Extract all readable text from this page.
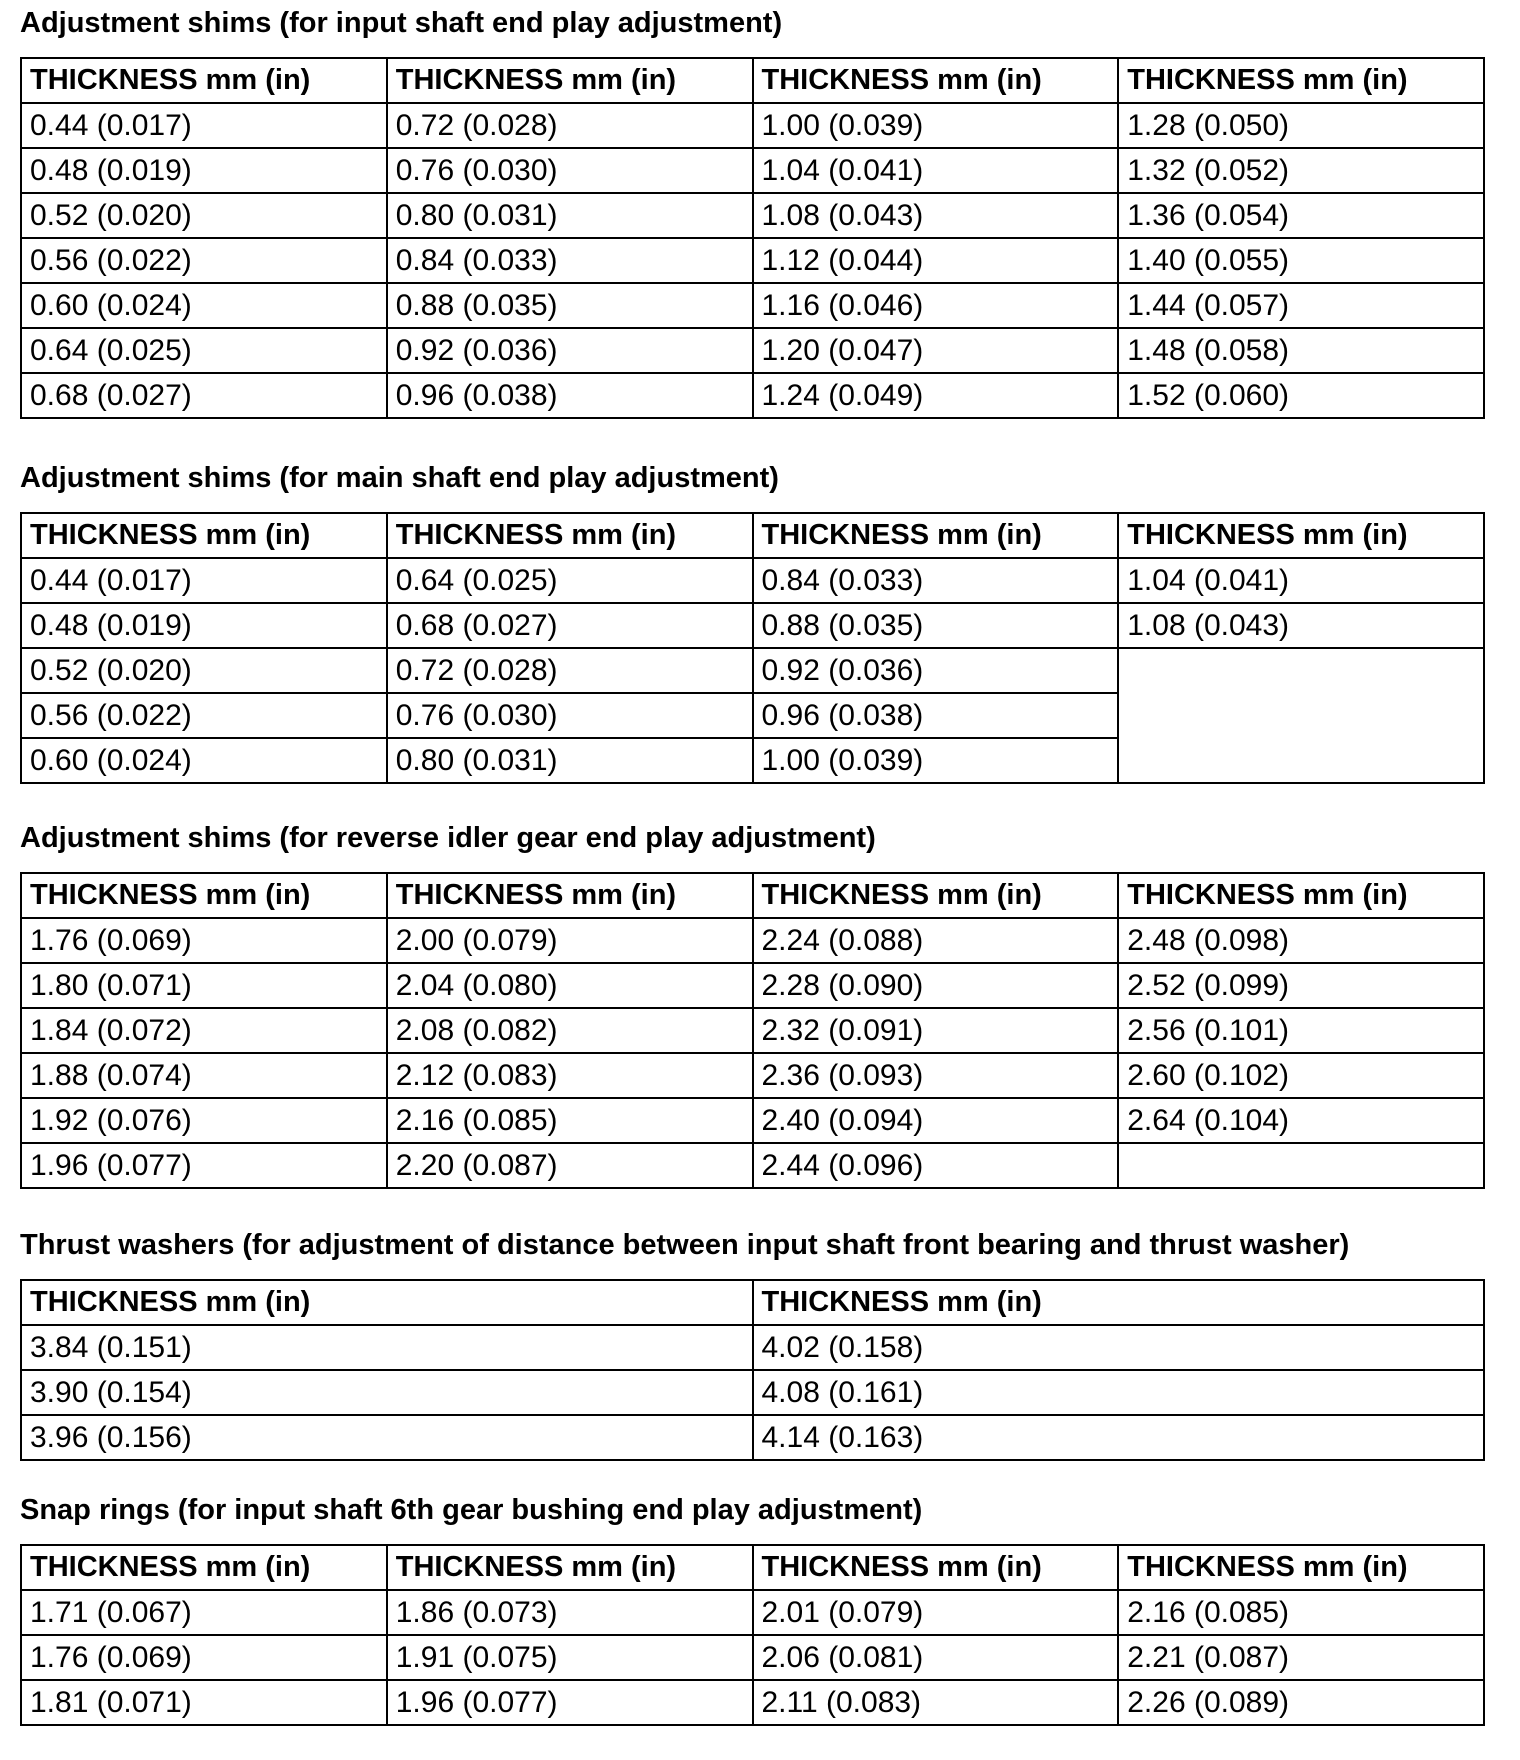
Adjustment shims (for input shaft end play adjustment)
THICKNESS mm (in)	THICKNESS mm (in)	THICKNESS mm (in)	THICKNESS mm (in)
0.44 (0.017)	0.72 (0.028)	1.00 (0.039)	1.28 (0.050)
0.48 (0.019)	0.76 (0.030)	1.04 (0.041)	1.32 (0.052)
0.52 (0.020)	0.80 (0.031)	1.08 (0.043)	1.36 (0.054)
0.56 (0.022)	0.84 (0.033)	1.12 (0.044)	1.40 (0.055)
0.60 (0.024)	0.88 (0.035)	1.16 (0.046)	1.44 (0.057)
0.64 (0.025)	0.92 (0.036)	1.20 (0.047)	1.48 (0.058)
0.68 (0.027)	0.96 (0.038)	1.24 (0.049)	1.52 (0.060)
Adjustment shims (for main shaft end play adjustment)
THICKNESS mm (in)	THICKNESS mm (in)	THICKNESS mm (in)	THICKNESS mm (in)
0.44 (0.017)	0.64 (0.025)	0.84 (0.033)	1.04 (0.041)
0.48 (0.019)	0.68 (0.027)	0.88 (0.035)	1.08 (0.043)
0.52 (0.020)	0.72 (0.028)	0.92 (0.036)	
0.56 (0.022)	0.76 (0.030)	0.96 (0.038)	
0.60 (0.024)	0.80 (0.031)	1.00 (0.039)	
Adjustment shims (for reverse idler gear end play adjustment)
THICKNESS mm (in)	THICKNESS mm (in)	THICKNESS mm (in)	THICKNESS mm (in)
1.76 (0.069)	2.00 (0.079)	2.24 (0.088)	2.48 (0.098)
1.80 (0.071)	2.04 (0.080)	2.28 (0.090)	2.52 (0.099)
1.84 (0.072)	2.08 (0.082)	2.32 (0.091)	2.56 (0.101)
1.88 (0.074)	2.12 (0.083)	2.36 (0.093)	2.60 (0.102)
1.92 (0.076)	2.16 (0.085)	2.40 (0.094)	2.64 (0.104)
1.96 (0.077)	2.20 (0.087)	2.44 (0.096)	
Thrust washers (for adjustment of distance between input shaft front bearing and thrust washer)
THICKNESS mm (in)	THICKNESS mm (in)
3.84 (0.151)	4.02 (0.158)
3.90 (0.154)	4.08 (0.161)
3.96 (0.156)	4.14 (0.163)
Snap rings (for input shaft 6th gear bushing end play adjustment)
THICKNESS mm (in)	THICKNESS mm (in)	THICKNESS mm (in)	THICKNESS mm (in)
1.71 (0.067)	1.86 (0.073)	2.01 (0.079)	2.16 (0.085)
1.76 (0.069)	1.91 (0.075)	2.06 (0.081)	2.21 (0.087)
1.81 (0.071)	1.96 (0.077)	2.11 (0.083)	2.26 (0.089)
